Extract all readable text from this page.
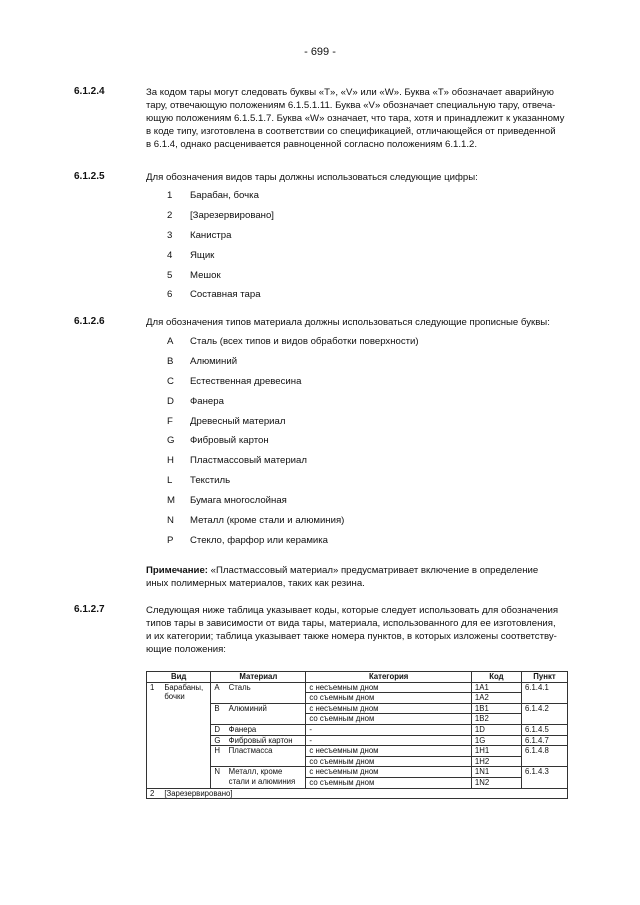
- 699 -
6.1.2.4	За кодом тары могут следовать буквы «T», «V» или «W». Буква «T» обозначает аварийную
тару, отвечающую положениям 6.1.5.1.11. Буква «V» обозначает специальную тару, отвеча-
ющую положениям 6.1.5.1.7. Буква «W» означает, что тара, хотя и принадлежит к указанному
в коде типу, изготовлена в соответствии со спецификацией, отличающейся от приведенной
в 6.1.4, однако расценивается равноценной согласно положениям 6.1.1.2.
6.1.2.5	Для обозначения видов тары должны использоваться следующие цифры:
1 Барабан, бочка
2 [Зарезервировано]
3 Канистра
4 Ящик
5 Мешок
6 Составная тара
6.1.2.6	Для обозначения типов материала должны использоваться следующие прописные буквы:
A Сталь (всех типов и видов обработки поверхности)
B Алюминий
C Естественная древесина
D Фанера
F Древесный материал
G Фибровый картон
H Пластмассовый материал
L Текстиль
M Бумага многослойная
N Металл (кроме стали и алюминия)
P Стекло, фарфор или керамика
Примечание: «Пластмассовый материал» предусматривает включение в определение
иных полимерных материалов, таких как резина.
6.1.2.7	Следующая ниже таблица указывает коды, которые следует использовать для обозначения
типов тары в зависимости от вида тары, материала, использованного для ее изготовления,
и их категории; таблица указывает также номера пунктов, в которых изложены соответству-
ющие положения:
Вид		Материал		Категория	Код	Пункт
1	Барабаны, бочки	A	Сталь	с несъемным дном	1A1	6.1.4.1
				со съемным дном	1A2	
		B	Алюминий	с несъемным дном	1B1	6.1.4.2
				со съемным дном	1B2	
		D	Фанера	-	1D	6.1.4.5
		G	Фибровый картон	-	1G	6.1.4.7
		H	Пластмасса	с несъемным дном	1H1	6.1.4.8
				со съемным дном	1H2	
		N	Металл, кроме стали и алюминия	с несъемным дном	1N1	6.1.4.3
				со съемным дном	1N2	
2	[Зарезервировано]					
